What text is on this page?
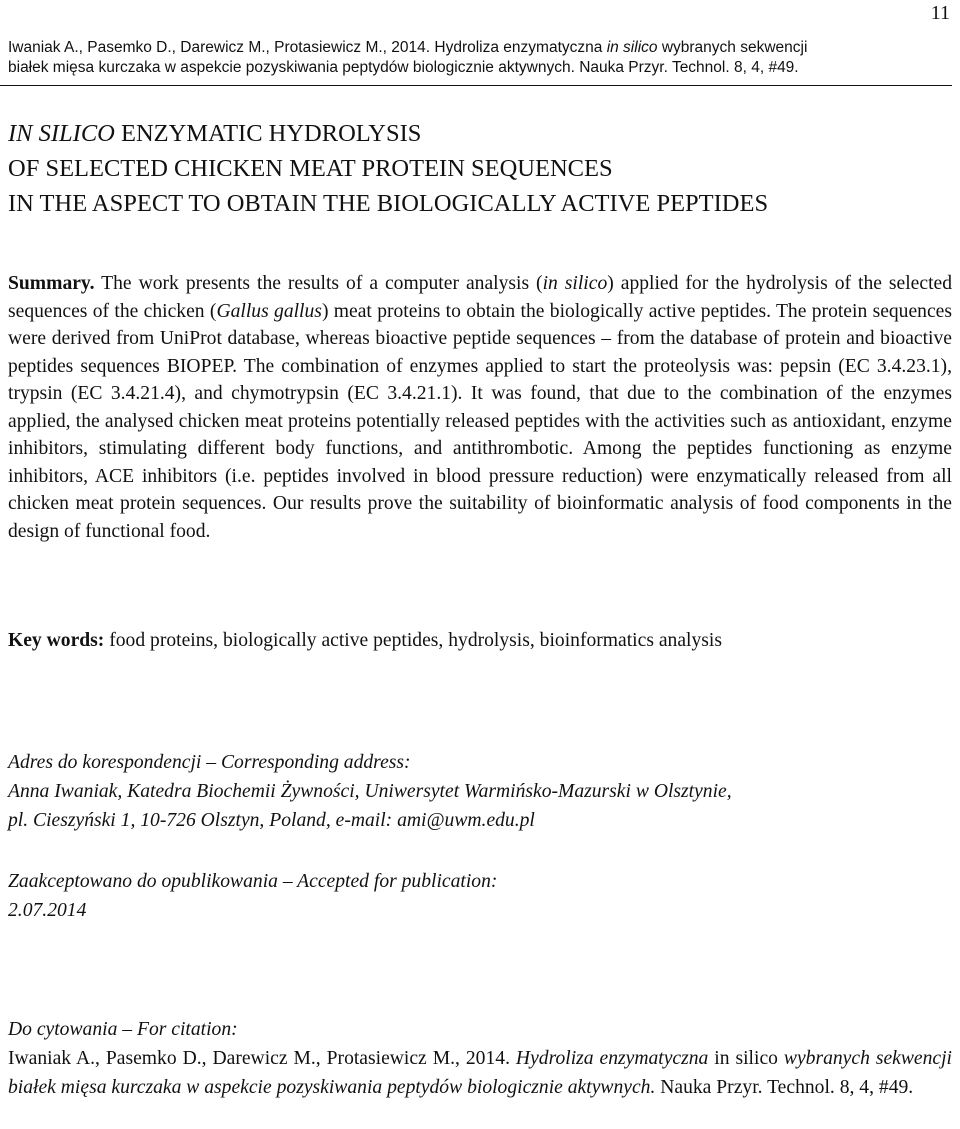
11
Iwaniak A., Pasemko D., Darewicz M., Protasiewicz M., 2014. Hydroliza enzymatyczna in silico wybranych sekwencji
białek mięsa kurczaka w aspekcie pozyskiwania peptydów biologicznie aktywnych. Nauka Przyr. Technol. 8, 4, #49.
IN SILICO ENZYMATIC HYDROLYSIS
OF SELECTED CHICKEN MEAT PROTEIN SEQUENCES
IN THE ASPECT TO OBTAIN THE BIOLOGICALLY ACTIVE PEPTIDES
Summary. The work presents the results of a computer analysis (in silico) applied for the hydrolysis of the selected sequences of the chicken (Gallus gallus) meat proteins to obtain the biologically active peptides. The protein sequences were derived from UniProt database, whereas bioactive peptide sequences – from the database of protein and bioactive peptides sequences BIOPEP. The combination of enzymes applied to start the proteolysis was: pepsin (EC 3.4.23.1), trypsin (EC 3.4.21.4), and chymotrypsin (EC 3.4.21.1). It was found, that due to the combination of the enzymes applied, the analysed chicken meat proteins potentially released peptides with the activities such as antioxidant, enzyme inhibitors, stimulating different body functions, and antithrombotic. Among the peptides functioning as enzyme inhibitors, ACE inhibitors (i.e. peptides involved in blood pressure reduction) were enzymatically released from all chicken meat protein sequences. Our results prove the suitability of bioinformatic analysis of food components in the design of functional food.
Key words: food proteins, biologically active peptides, hydrolysis, bioinformatics analysis
Adres do korespondencji – Corresponding address:
Anna Iwaniak, Katedra Biochemii Żywności, Uniwersytet Warmińsko-Mazurski w Olsztynie,
pl. Cieszyński 1, 10-726 Olsztyn, Poland, e-mail: ami@uwm.edu.pl
Zaakceptowano do opublikowania – Accepted for publication:
2.07.2014
Do cytowania – For citation:
Iwaniak A., Pasemko D., Darewicz M., Protasiewicz M., 2014. Hydroliza enzymatyczna in silico wybranych sekwencji białek mięsa kurczaka w aspekcie pozyskiwania peptydów biologicznie aktywnych. Nauka Przyr. Technol. 8, 4, #49.
